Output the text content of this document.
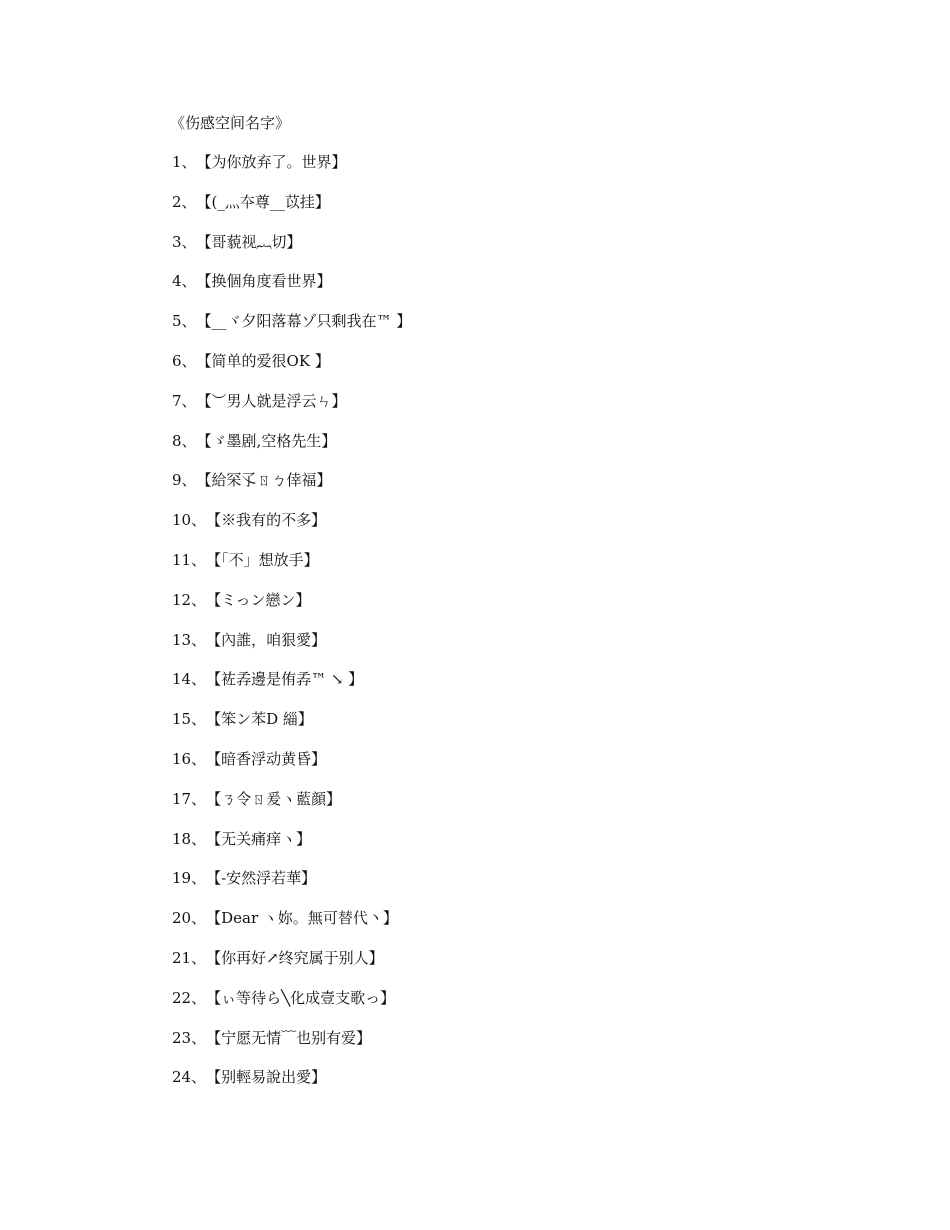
《伤感空间名字》
1、【为你放弃了。世界】
2、【(_灬夲尊__苡挂】
3、【哥藐视︷切】
4、【换個角度看世界】
5、【__ヾ夕阳落幕ゾ只剩我在™ 】
6、【简单的爱很OK 】
7、【︶男人就是浮云ㄣ】
8、【ゞ墨剧,空格先生】
9、【給罙孓ㄖㄅ倖福】
10、【※我有的不多】
11、【「不」想放手】
12、【ミっン戀ン】
13、【內誰，咱狠愛】
14、【袏孨邊是侑孨™ ↘ 】
15、【笨ン苯D 緇】
16、【暗香浮动黄昏】
17、【ㄋ令ㄖ爰ヽ藍顔】
18、【无关痛痒ヽ】
19、【-安然浮若華】
20、【Dear ヽ妳。無可替代丶】
21、【你再好↗终究属于别人】
22、【ぃ等待ら╲化成壹支歌っ】
23、【宁愿无情﹋也别有爱】
24、【别輕易說出愛】
